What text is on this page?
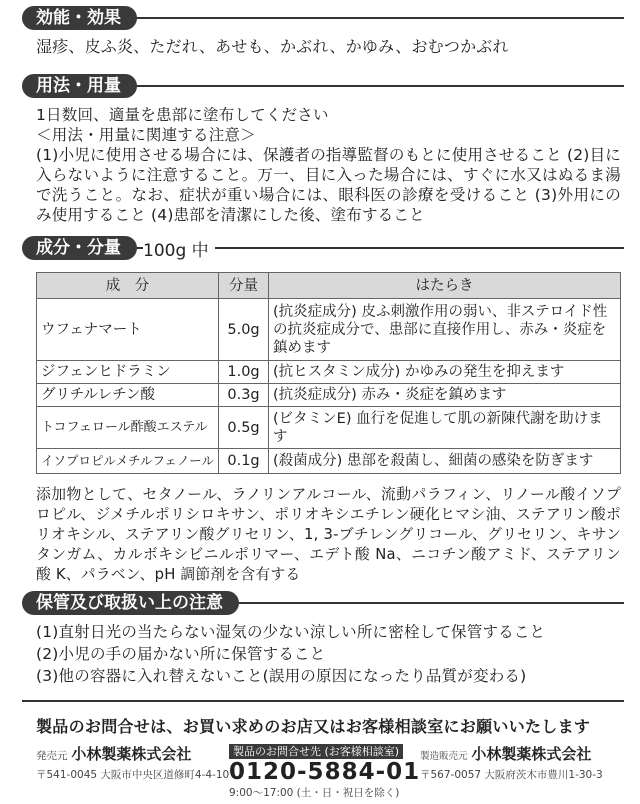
効能・効果
湿疹、皮ふ炎、ただれ、あせも、かぶれ、かゆみ、おむつかぶれ
用法・用量
1日数回、適量を患部に塗布してください
＜用法・用量に関連する注意＞
(1)小児に使用させる場合には、保護者の指導監督のもとに使用させること (2)目に入らないように注意すること。万一、目に入った場合には、すぐに水又はぬるま湯で洗うこと。なお、症状が重い場合には、眼科医の診療を受けること (3)外用にのみ使用すること (4)患部を清潔にした後、塗布すること
成分・分量	100g 中
成　分	分量	はたらき
ウフェナマート	5.0g	(抗炎症成分) 皮ふ刺激作用の弱い、非ステロイド性の抗炎症成分で、患部に直接作用し、赤み・炎症を鎮めます
ジフェンヒドラミン	1.0g	(抗ヒスタミン成分) かゆみの発生を抑えます
グリチルレチン酸	0.3g	(抗炎症成分) 赤み・炎症を鎮めます
トコフェロール酢酸エステル	0.5g	(ビタミンE) 血行を促進して肌の新陳代謝を助けます
イソプロピルメチルフェノール	0.1g	(殺菌成分) 患部を殺菌し、細菌の感染を防ぎます
添加物として、セタノール、ラノリンアルコール、流動パラフィン、リノール酸イソプロピル、ジメチルポリシロキサン、ポリオキシエチレン硬化ヒマシ油、ステアリン酸ポリオキシル、ステアリン酸グリセリン、1, 3-ブチレングリコール、グリセリン、キサンタンガム、カルボキシビニルポリマー、エデト酸 Na、ニコチン酸アミド、ステアリン酸 K、パラベン、pH 調節剤を含有する
保管及び取扱い上の注意
(1)直射日光の当たらない湿気の少ない涼しい所に密栓して保管すること
(2)小児の手の届かない所に保管すること
(3)他の容器に入れ替えないこと(誤用の原因になったり品質が変わる)
製品のお問合せは、お買い求めのお店又はお客様相談室にお願いいたします
発売元 小林製薬株式会社
〒541-0045 大阪市中央区道修町4-4-10
製品のお問合せ先 (お客様相談室)
0120-5884-01
9:00～17:00 (土・日・祝日を除く)
製造販売元 小林製薬株式会社
〒567-0057 大阪府茨木市豊川1-30-3
